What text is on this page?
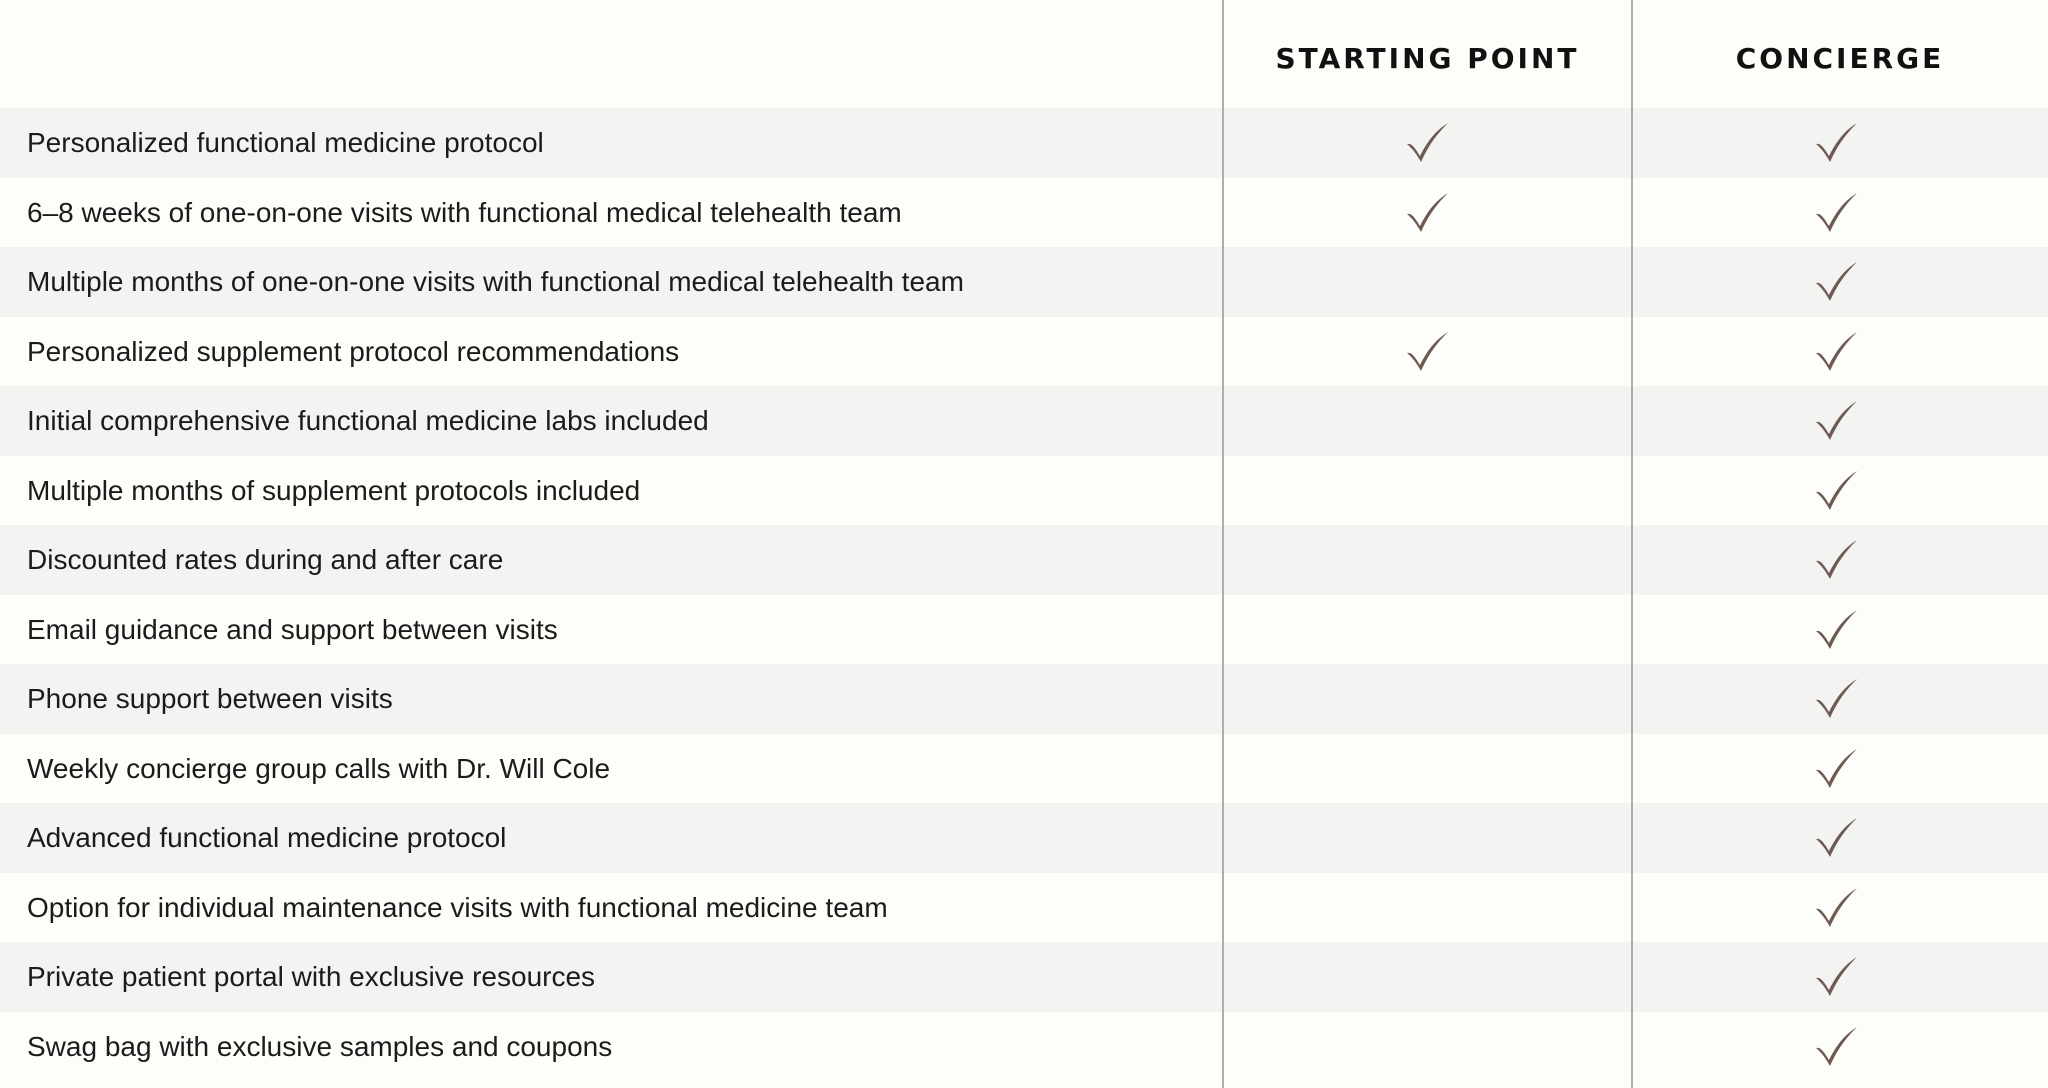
STARTING POINT	CONCIERGE
Personalized functional medicine protocol
6–8 weeks of one-on-one visits with functional medical telehealth team
Multiple months of one-on-one visits with functional medical telehealth team
Personalized supplement protocol recommendations
Initial comprehensive functional medicine labs included
Multiple months of supplement protocols included
Discounted rates during and after care
Email guidance and support between visits
Phone support between visits
Weekly concierge group calls with Dr. Will Cole
Advanced functional medicine protocol
Option for individual maintenance visits with functional medicine team
Private patient portal with exclusive resources
Swag bag with exclusive samples and coupons
